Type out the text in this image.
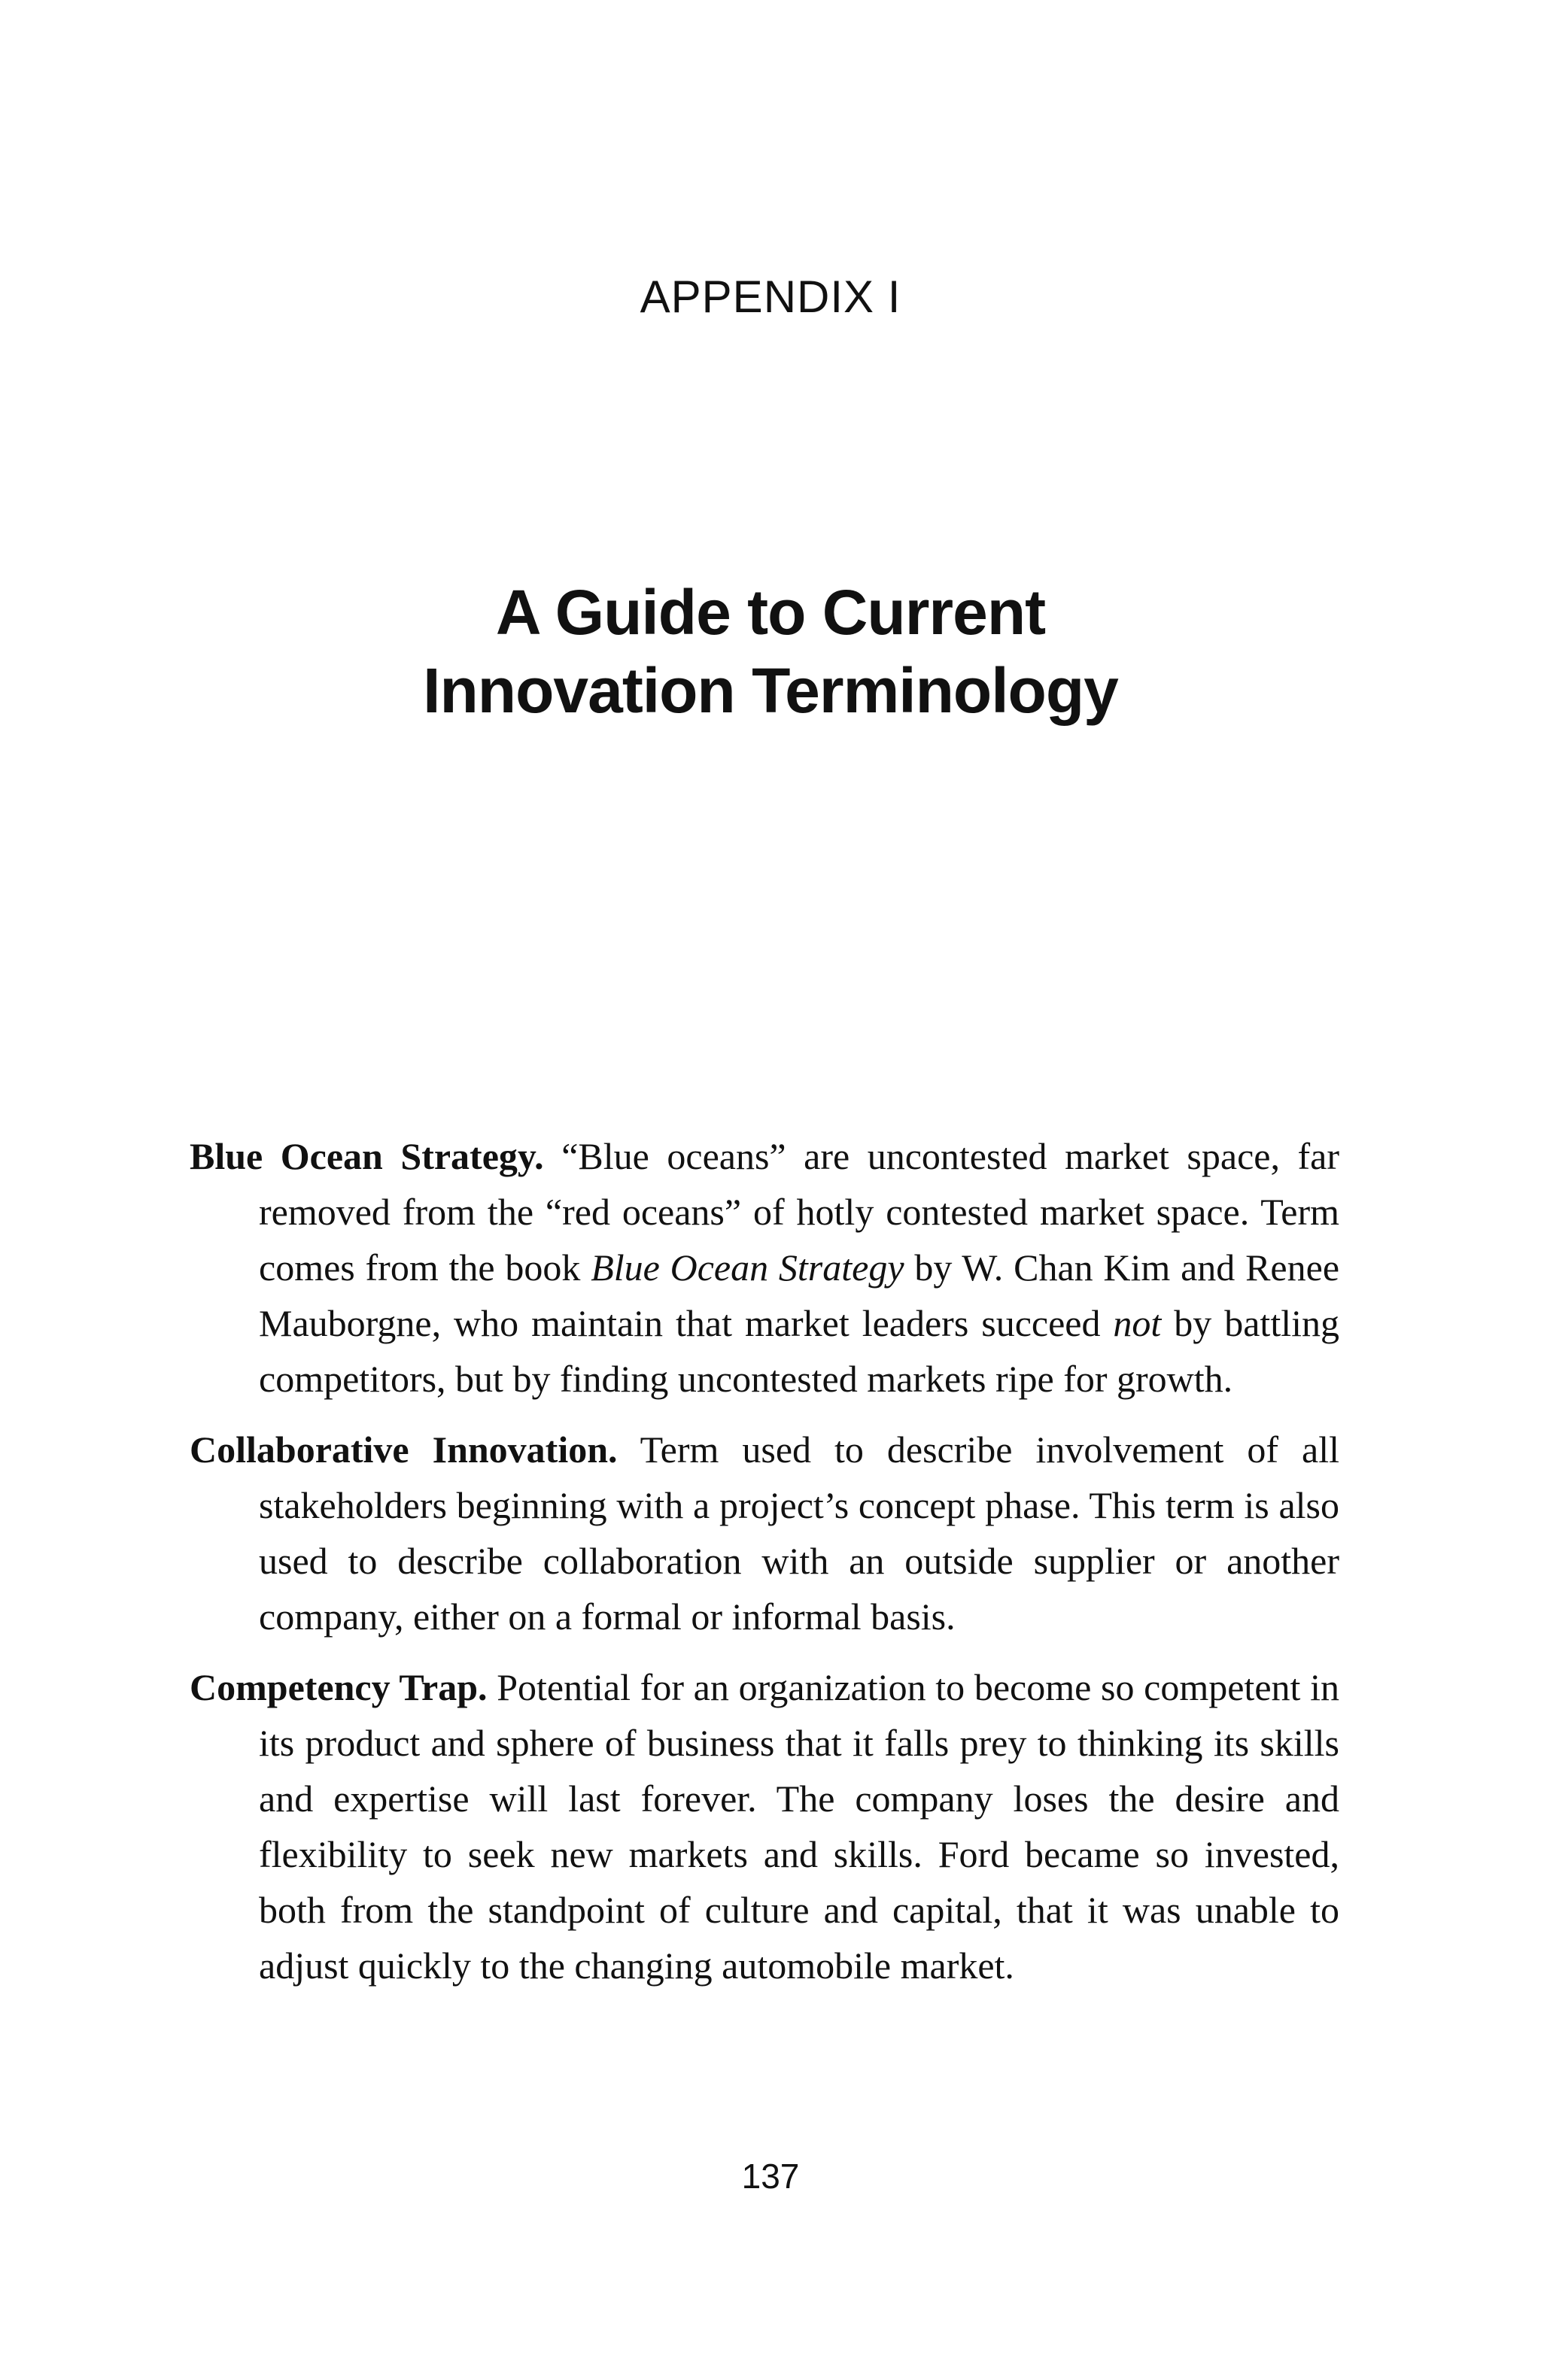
APPENDIX I
A Guide to Current
Innovation Terminology

Blue Ocean Strategy. “Blue oceans” are uncontested market space, far removed from the “red oceans” of hotly contested market space. Term comes from the book Blue Ocean Strategy by W. Chan Kim and Renee Mauborgne, who maintain that market leaders succeed not by battling competitors, but by finding uncontested markets ripe for growth.

Collaborative Innovation. Term used to describe involvement of all stakeholders beginning with a project’s concept phase. This term is also used to describe collaboration with an outside supplier or another company, either on a formal or informal basis.

Competency Trap. Potential for an organization to become so competent in its product and sphere of business that it falls prey to thinking its skills and expertise will last forever. The company loses the desire and flexibility to seek new markets and skills. Ford became so invested, both from the standpoint of culture and capital, that it was unable to adjust quickly to the changing automobile market.

137
